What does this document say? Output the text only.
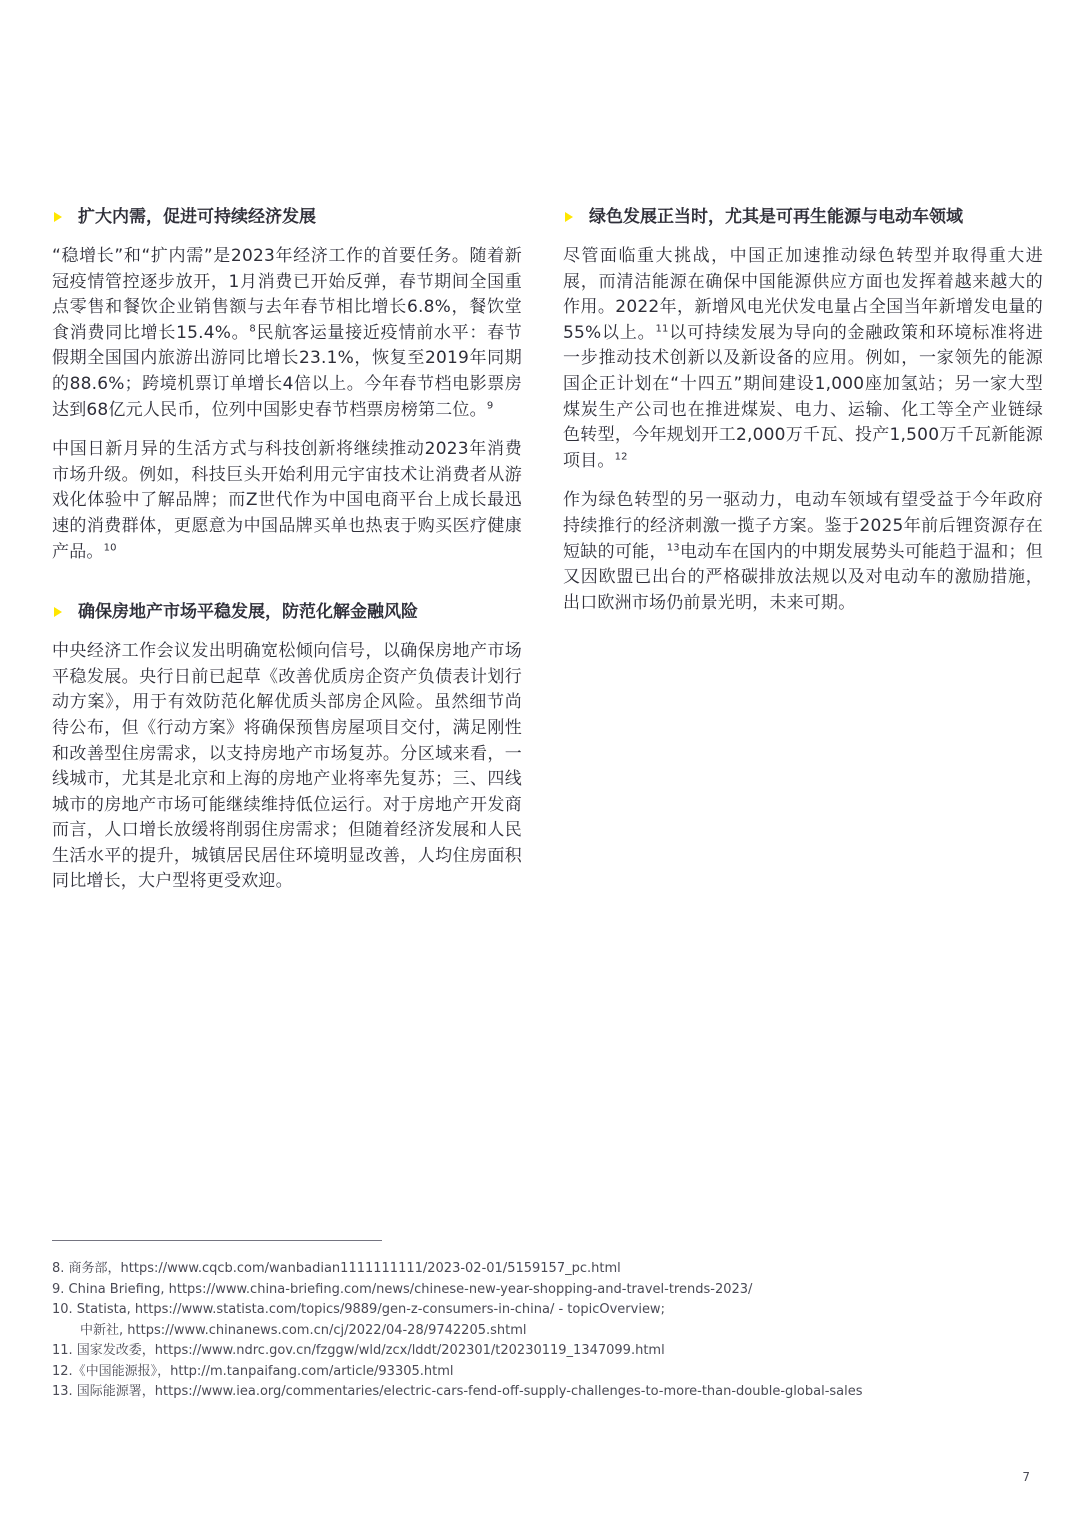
扩大内需，促进可持续经济发展

“稳增长”和“扩内需”是2023年经济工作的首要任务。随着新冠疫情管控逐步放开，1月消费已开始反弹，春节期间全国重点零售和餐饮企业销售额与去年春节相比增长6.8%，餐饮堂食消费同比增长15.4%。$^8$民航客运量接近疫情前水平：春节假期全国国内旅游出游同比增长23.1%，恢复至2019年同期的88.6%；跨境机票订单增长4倍以上。今年春节档电影票房达到68亿元人民币，位列中国影史春节档票房榜第二位。$^9$

中国日新月异的生活方式与科技创新将继续推动2023年消费市场升级。例如，科技巨头开始利用元宇宙技术让消费者从游戏化体验中了解品牌；而Z世代作为中国电商平台上成长最迅速的消费群体，更愿意为中国品牌买单也热衷于购买医疗健康产品。$^{10}$

确保房地产市场平稳发展，防范化解金融风险

中央经济工作会议发出明确宽松倾向信号，以确保房地产市场平稳发展。央行日前已起草《改善优质房企资产负债表计划行动方案》，用于有效防范化解优质头部房企风险。虽然细节尚待公布，但《行动方案》将确保预售房屋项目交付，满足刚性和改善型住房需求，以支持房地产市场复苏。分区域来看，一线城市，尤其是北京和上海的房地产业将率先复苏；三、四线城市的房地产市场可能继续维持低位运行。对于房地产开发商而言，人口增长放缓将削弱住房需求；但随着经济发展和人民生活水平的提升，城镇居民居住环境明显改善，人均住房面积同比增长，大户型将更受欢迎。

绿色发展正当时，尤其是可再生能源与电动车领域

尽管面临重大挑战，中国正加速推动绿色转型并取得重大进展，而清洁能源在确保中国能源供应方面也发挥着越来越大的作用。2022年，新增风电光伏发电量占全国当年新增发电量的55%以上。$^{11}$以可持续发展为导向的金融政策和环境标准将进一步推动技术创新以及新设备的应用。例如，一家领先的能源国企正计划在“十四五”期间建设1,000座加氢站；另一家大型煤炭生产公司也在推进煤炭、电力、运输、化工等全产业链绿色转型，今年规划开工2,000万千瓦、投产1,500万千瓦新能源项目。$^{12}$

作为绿色转型的另一驱动力，电动车领域有望受益于今年政府持续推行的经济刺激一揽子方案。鉴于2025年前后锂资源存在短缺的可能，$^{13}$电动车在国内的中期发展势头可能趋于温和；但又因欧盟已出台的严格碳排放法规以及对电动车的激励措施，出口欧洲市场仍前景光明，未来可期。

8. 商务部，https://www.cqcb.com/wanbadian1111111111/2023-02-01/5159157_pc.html
9. China Briefing, https://www.china-briefing.com/news/chinese-new-year-shopping-and-travel-trends-2023/
10. Statista, https://www.statista.com/topics/9889/gen-z-consumers-in-china/ - topicOverview;
中新社, https://www.chinanews.com.cn/cj/2022/04-28/9742205.shtml
11. 国家发改委，https://www.ndrc.gov.cn/fzggw/wld/zcx/lddt/202301/t20230119_1347099.html
12.《中国能源报》，http://m.tanpaifang.com/article/93305.html
13. 国际能源署，https://www.iea.org/commentaries/electric-cars-fend-off-supply-challenges-to-more-than-double-global-sales
7
